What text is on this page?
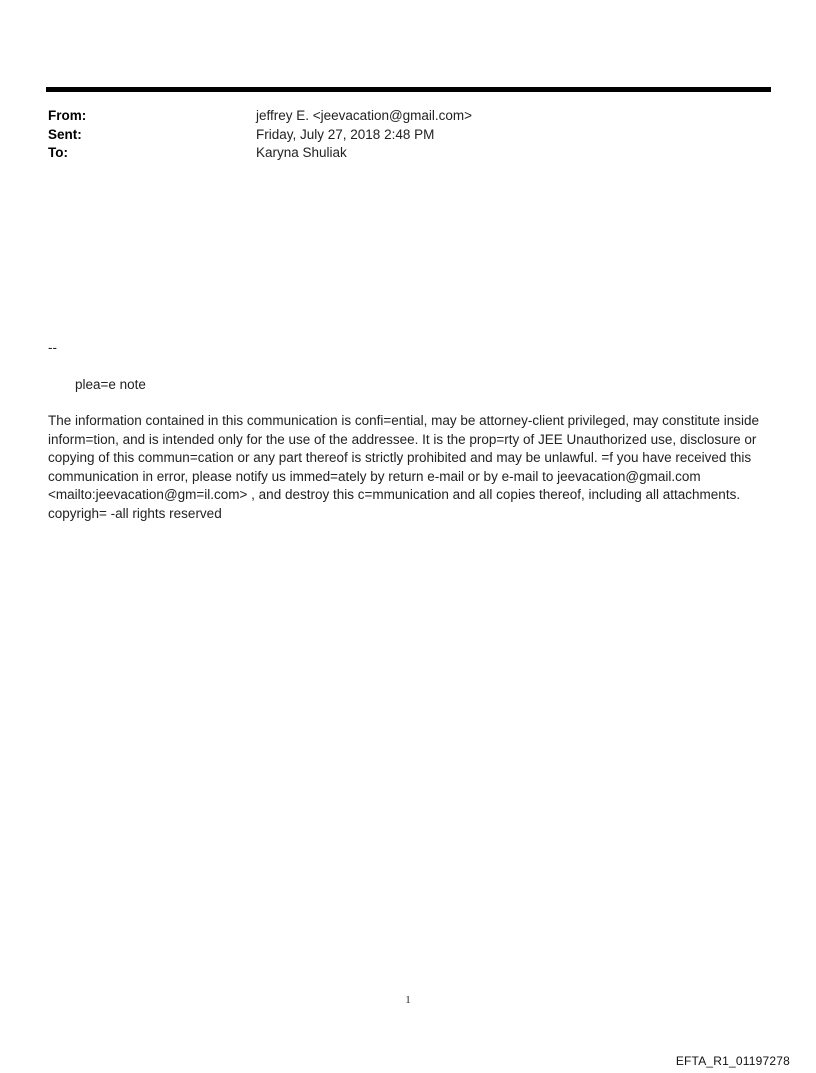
From:	jeffrey E. <jeevacation@gmail.com>
Sent:	Friday, July 27, 2018 2:48 PM
To:	Karyna Shuliak
--
plea=e note

The information contained in this communication is confi=ential, may be attorney-client privileged, may constitute inside inform=tion, and is intended only for the use of the addressee. It is the prop=rty of JEE Unauthorized use, disclosure or copying of this commun=cation or any part thereof is strictly prohibited and may be unlawful. =f you have received this communication in error, please notify us immed=ately by return e-mail or by e-mail to jeevacation@gmail.com <mailto:jeevacation@gm=il.com> , and destroy this c=mmunication and all copies thereof, including all attachments. copyrigh= -all rights reserved

1
EFTA_R1_01197278
